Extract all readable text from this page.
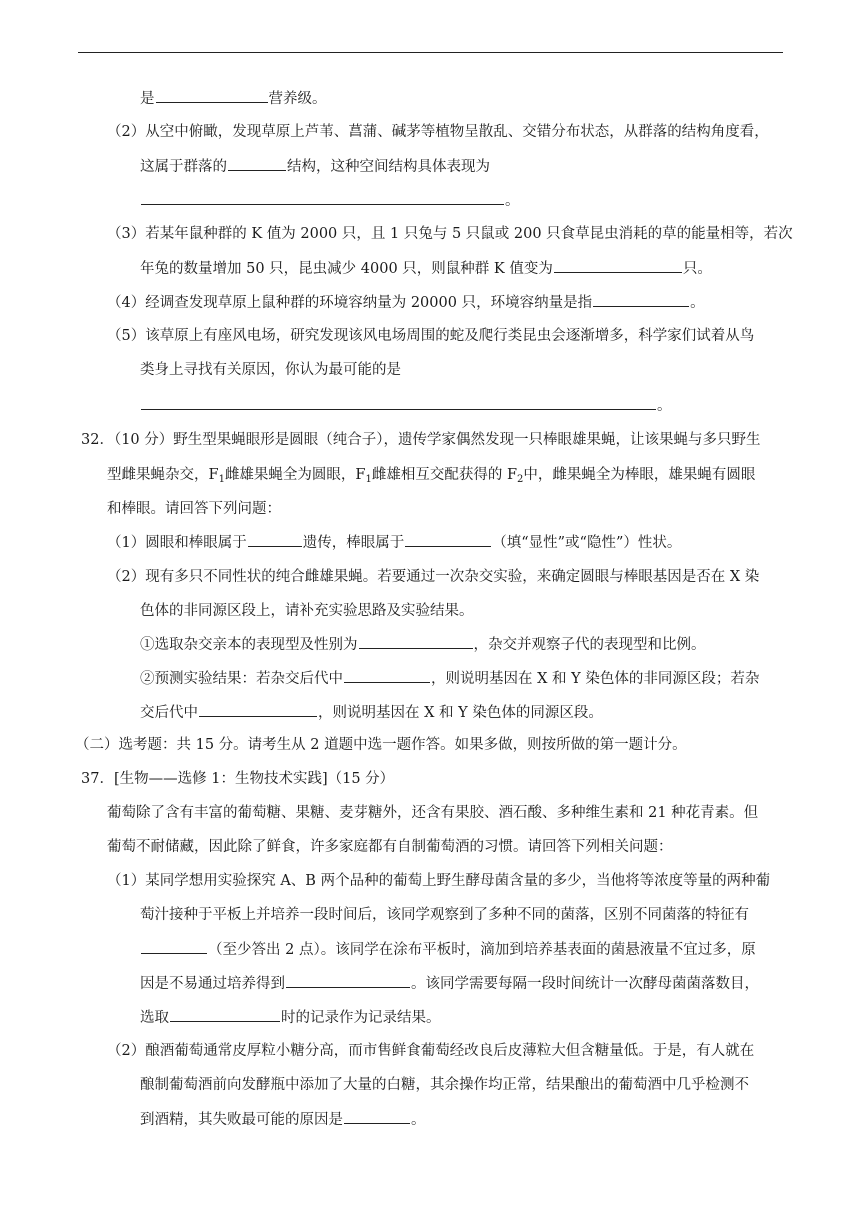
是	营养级。
（2）从空中俯瞰，发现草原上芦苇、菖蒲、碱茅等植物呈散乱、交错分布状态，从群落的结构角度看，
这属于群落的	结构，这种空间结构具体表现为
。
（3）若某年鼠种群的 K 值为 2000 只，且 1 只兔与 5 只鼠或 200 只食草昆虫消耗的草的能量相等，若次
年兔的数量增加 50 只，昆虫减少 4000 只，则鼠种群 K 值变为	只。
（4）经调查发现草原上鼠种群的环境容纳量为 20000 只，环境容纳量是指	。
（5）该草原上有座风电场，研究发现该风电场周围的蛇及爬行类昆虫会逐渐增多，科学家们试着从鸟
类身上寻找有关原因，你认为最可能的是
。
32．（10 分）野生型果蝇眼形是圆眼（纯合子），遗传学家偶然发现一只棒眼雄果蝇，让该果蝇与多只野生
型雌果蝇杂交，$F_1$雌雄果蝇全为圆眼，$F_1$雌雄相互交配获得的 $F_2$中，雌果蝇全为棒眼，雄果蝇有圆眼
和棒眼。请回答下列问题：
（1）圆眼和棒眼属于	遗传，棒眼属于	（填“显性”或“隐性”）性状。
（2）现有多只不同性状的纯合雌雄果蝇。若要通过一次杂交实验，来确定圆眼与棒眼基因是否在 X 染
色体的非同源区段上，请补充实验思路及实验结果。
①选取杂交亲本的表现型及性别为	，杂交并观察子代的表现型和比例。
②预测实验结果：若杂交后代中	，则说明基因在 X 和 Y 染色体的非同源区段；若杂
交后代中	，则说明基因在 X 和 Y 染色体的同源区段。
（二）选考题：共 15 分。请考生从 2 道题中选一题作答。如果多做，则按所做的第一题计分。
37．[生物——选修 1：生物技术实践]（15 分）
葡萄除了含有丰富的葡萄糖、果糖、麦芽糖外，还含有果胶、酒石酸、多种维生素和 21 种花青素。但
葡萄不耐储藏，因此除了鲜食，许多家庭都有自制葡萄酒的习惯。请回答下列相关问题：
（1）某同学想用实验探究 A、B 两个品种的葡萄上野生酵母菌含量的多少，当他将等浓度等量的两种葡
萄汁接种于平板上并培养一段时间后，该同学观察到了多种不同的菌落，区别不同菌落的特征有
（至少答出 2 点）。该同学在涂布平板时，滴加到培养基表面的菌悬液量不宜过多，原
因是不易通过培养得到	。该同学需要每隔一段时间统计一次酵母菌菌落数目，
选取	时的记录作为记录结果。
（2）酿酒葡萄通常皮厚粒小糖分高，而市售鲜食葡萄经改良后皮薄粒大但含糖量低。于是，有人就在
酿制葡萄酒前向发酵瓶中添加了大量的白糖，其余操作均正常，结果酿出的葡萄酒中几乎检测不
到酒精，其失败最可能的原因是	。
